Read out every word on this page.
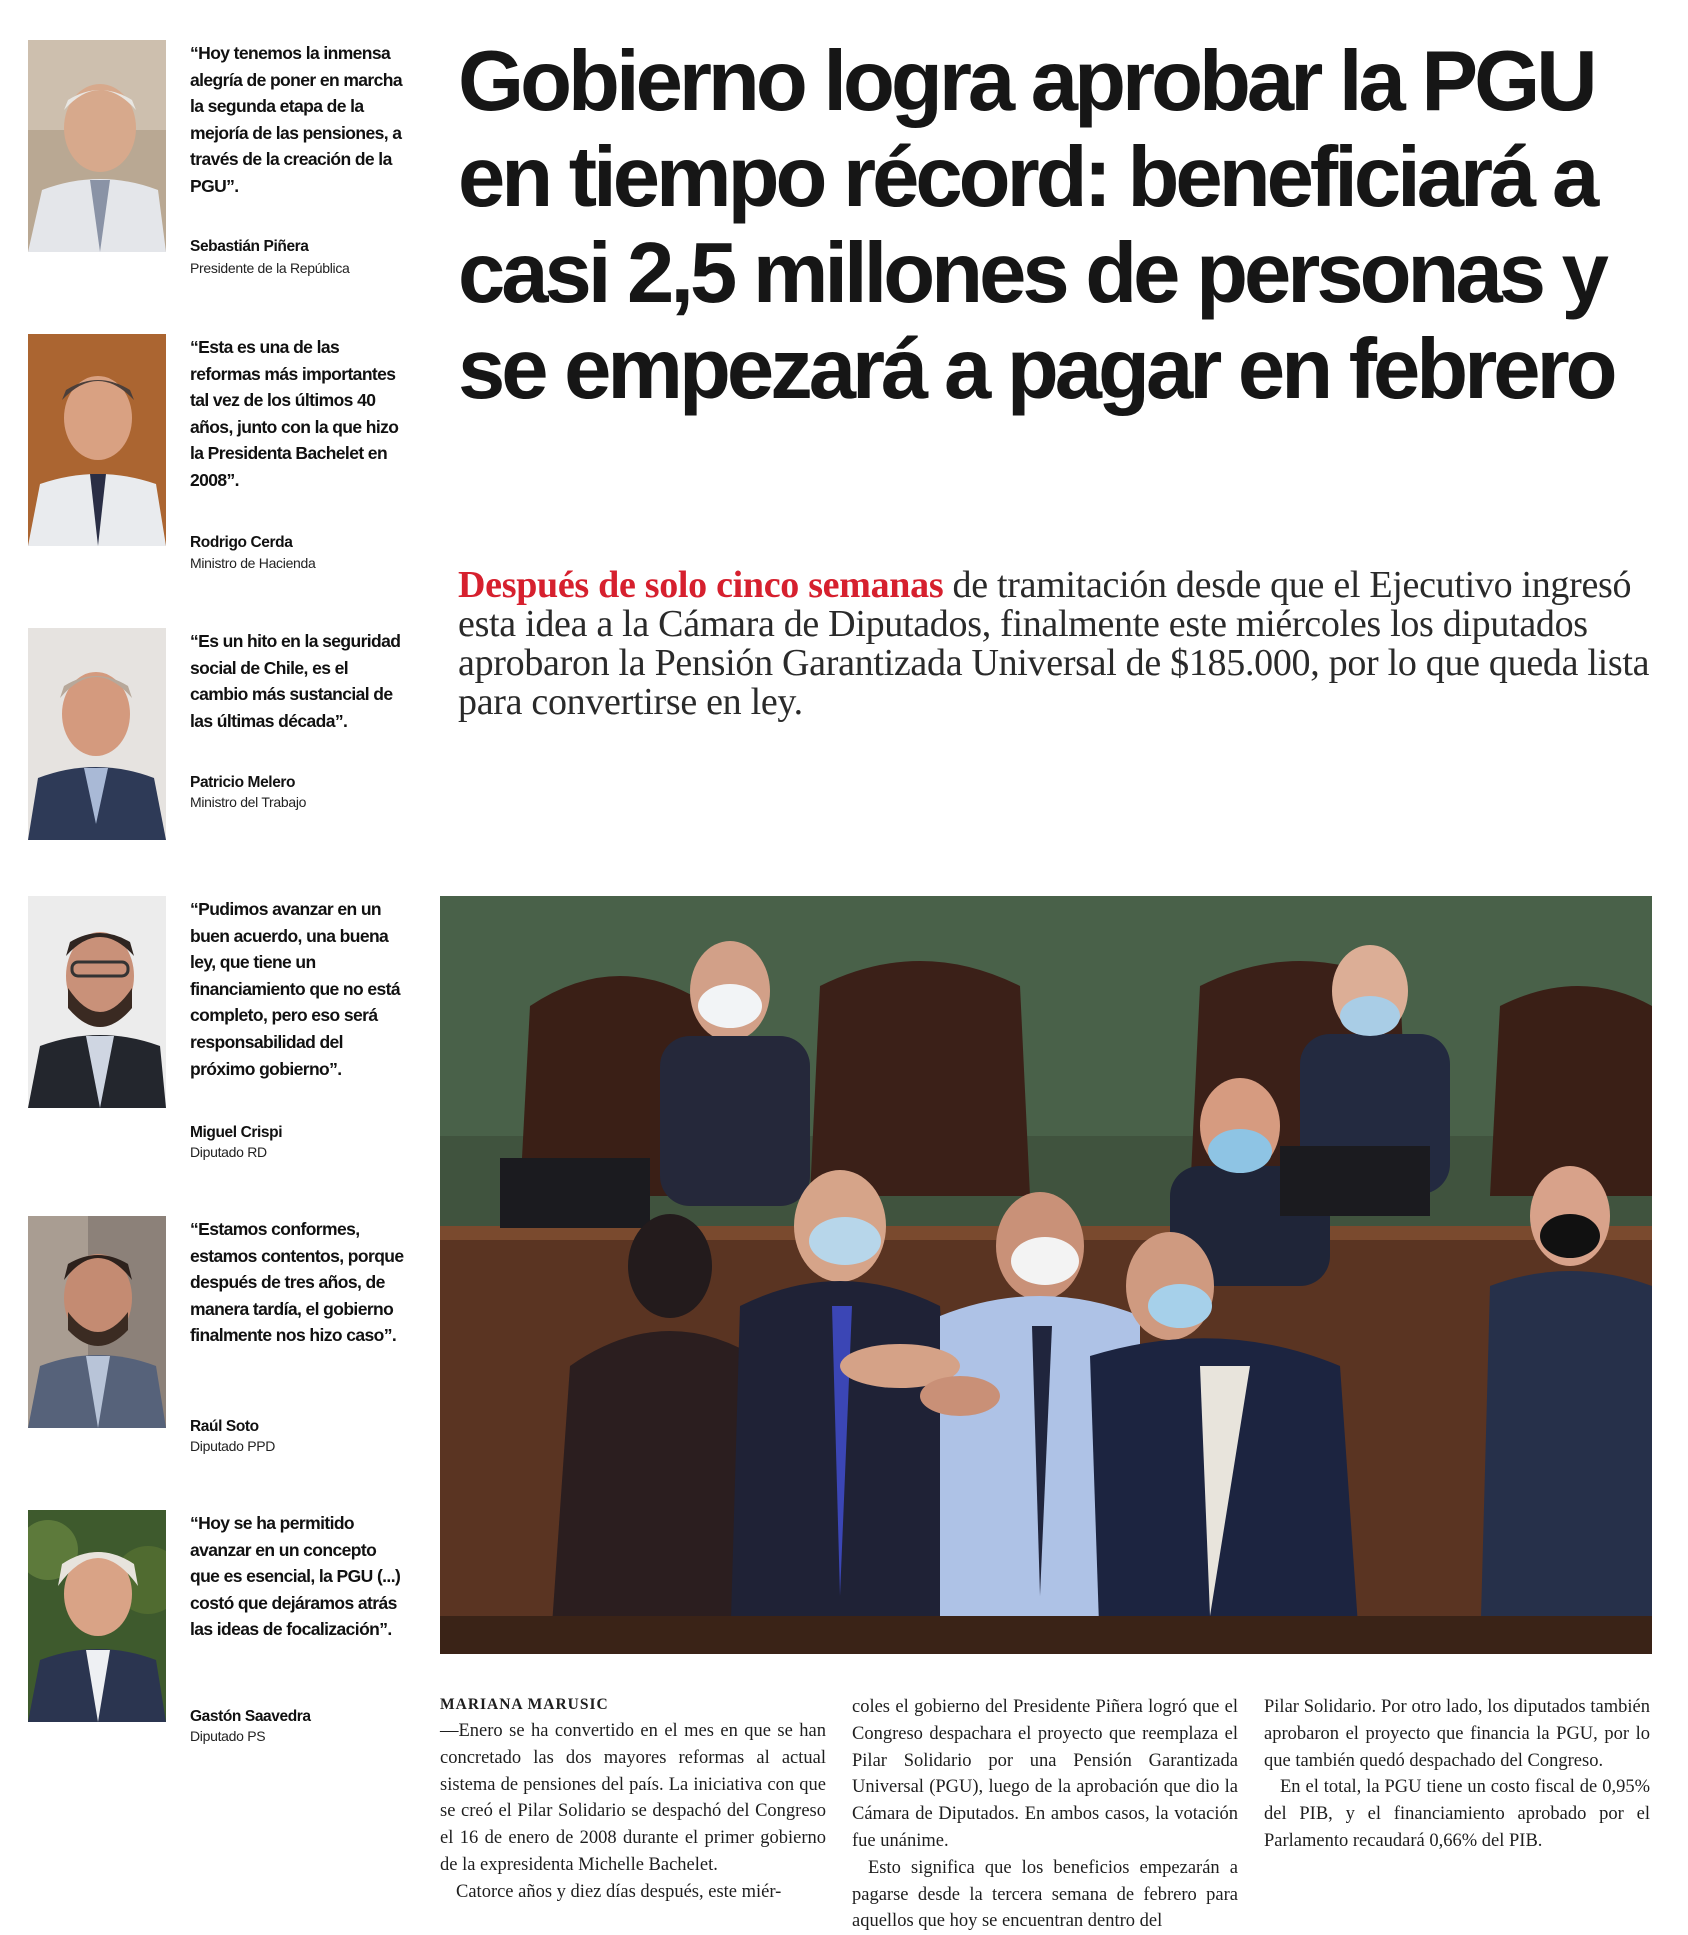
“Hoy tenemos la inmensa alegría de poner en marcha la segunda etapa de la mejoría de las pensiones, a través de la creación de la PGU”.
Sebastián Piñera
Presidente de la República
“Esta es una de las reformas más importantes tal vez de los últimos 40 años, junto con la que hizo la Presidenta Bachelet en 2008”.
Rodrigo Cerda
Ministro de Hacienda
“Es un hito en la seguridad social de Chile, es el cambio más sustancial de las últimas década”.
Patricio Melero
Ministro del Trabajo
“Pudimos avanzar en un buen acuerdo, una buena ley, que tiene un financiamiento que no está completo, pero eso será responsabilidad del próximo gobierno”.
Miguel Crispi
Diputado RD
“Estamos conformes, estamos contentos, porque después de tres años, de manera tardía, el gobierno finalmente nos hizo caso”.
Raúl Soto
Diputado PPD
“Hoy se ha permitido avanzar en un concepto que es esencial, la PGU (...) costó que dejáramos atrás las ideas de focalización”.
Gastón Saavedra
Diputado PS
Gobierno logra aprobar la PGU en tiempo récord: beneficiará a casi 2,5 millones de personas y se empezará a pagar en febrero

Después de solo cinco semanas de tramitación desde que el Ejecutivo ingresó esta idea a la Cámara de Diputados, finalmente este miércoles los diputados aprobaron la Pensión Garantizada Universal de $185.000, por lo que queda lista para convertirse en ley.

MARIANA MARUSIC

—Enero se ha convertido en el mes en que se han concretado las dos mayores reformas al actual sistema de pensiones del país. La iniciativa con que se creó el Pilar Solidario se despachó del Congreso el 16 de enero de 2008 durante el primer gobierno de la expresidenta Michelle Bachelet.

Catorce años y diez días después, este miér-

coles el gobierno del Presidente Piñera logró que el Congreso despachara el proyecto que reemplaza el Pilar Solidario por una Pensión Garantizada Universal (PGU), luego de la aprobación que dio la Cámara de Diputados. En ambos casos, la votación fue unánime.

Esto significa que los beneficios empezarán a pagarse desde la tercera semana de febrero para aquellos que hoy se encuentran dentro del

Pilar Solidario. Por otro lado, los diputados también aprobaron el proyecto que financia la PGU, por lo que también quedó despachado del Congreso.

En el total, la PGU tiene un costo fiscal de 0,95% del PIB, y el financiamiento aprobado por el Parlamento recaudará 0,66% del PIB.
